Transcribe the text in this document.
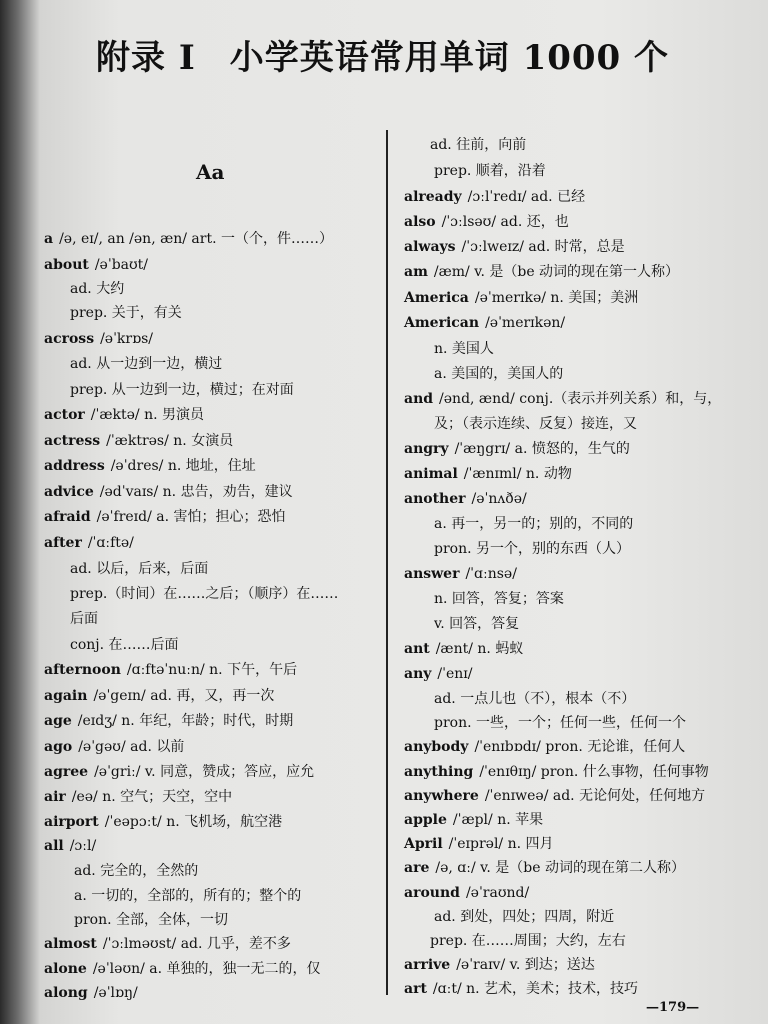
附录 I 小学英语常用单词 1000 个
Aa
a /ə, eɪ/, an /ən, æn/ art. 一（个，件……）
about /əˈbaʊt/
ad. 大约
prep. 关于，有关
across /əˈkrɒs/
ad. 从一边到一边，横过
prep. 从一边到一边，横过；在对面
actor /ˈæktə/ n. 男演员
actress /ˈæktrəs/ n. 女演员
address /əˈdres/ n. 地址，住址
advice /ədˈvaɪs/ n. 忠告，劝告，建议
afraid /əˈfreɪd/ a. 害怕；担心；恐怕
after /ˈɑːftə/
ad. 以后，后来，后面
prep.（时间）在……之后；（顺序）在……
后面
conj. 在……后面
afternoon /ɑːftəˈnuːn/ n. 下午，午后
again /əˈgeɪn/ ad. 再，又，再一次
age /eɪdʒ/ n. 年纪，年龄；时代，时期
ago /əˈgəʊ/ ad. 以前
agree /əˈgriː/ v. 同意，赞成；答应，应允
air /eə/ n. 空气；天空，空中
airport /ˈeəpɔːt/ n. 飞机场，航空港
all /ɔːl/
ad. 完全的，全然的
a. 一切的，全部的，所有的；整个的
pron. 全部，全体，一切
almost /ˈɔːlməʊst/ ad. 几乎，差不多
alone /əˈləʊn/ a. 单独的，独一无二的，仅
along /əˈlɒŋ/
ad. 往前，向前
prep. 顺着，沿着
already /ɔːlˈredɪ/ ad. 已经
also /ˈɔːlsəʊ/ ad. 还，也
always /ˈɔːlweɪz/ ad. 时常，总是
am /æm/ v. 是（be 动词的现在第一人称）
America /əˈmerɪkə/ n. 美国；美洲
American /əˈmerɪkən/
n. 美国人
a. 美国的，美国人的
and /ənd, ænd/ conj.（表示并列关系）和，与，
及；（表示连续、反复）接连，又
angry /ˈæŋgrɪ/ a. 愤怒的，生气的
animal /ˈænɪml/ n. 动物
another /əˈnʌðə/
a. 再一，另一的；别的，不同的
pron. 另一个，别的东西（人）
answer /ˈɑːnsə/
n. 回答，答复；答案
v. 回答，答复
ant /ænt/ n. 蚂蚁
any /ˈenɪ/
ad. 一点儿也（不），根本（不）
pron. 一些，一个；任何一些，任何一个
anybody /ˈenɪbɒdɪ/ pron. 无论谁，任何人
anything /ˈenɪθɪŋ/ pron. 什么事物，任何事物
anywhere /ˈenɪweə/ ad. 无论何处，任何地方
apple /ˈæpl/ n. 苹果
April /ˈeɪprəl/ n. 四月
are /ə, ɑː/ v. 是（be 动词的现在第二人称）
around /əˈraʊnd/
ad. 到处，四处；四周，附近
prep. 在……周围；大约，左右
arrive /əˈraɪv/ v. 到达；送达
art /ɑːt/ n. 艺术，美术；技术，技巧
—179—
